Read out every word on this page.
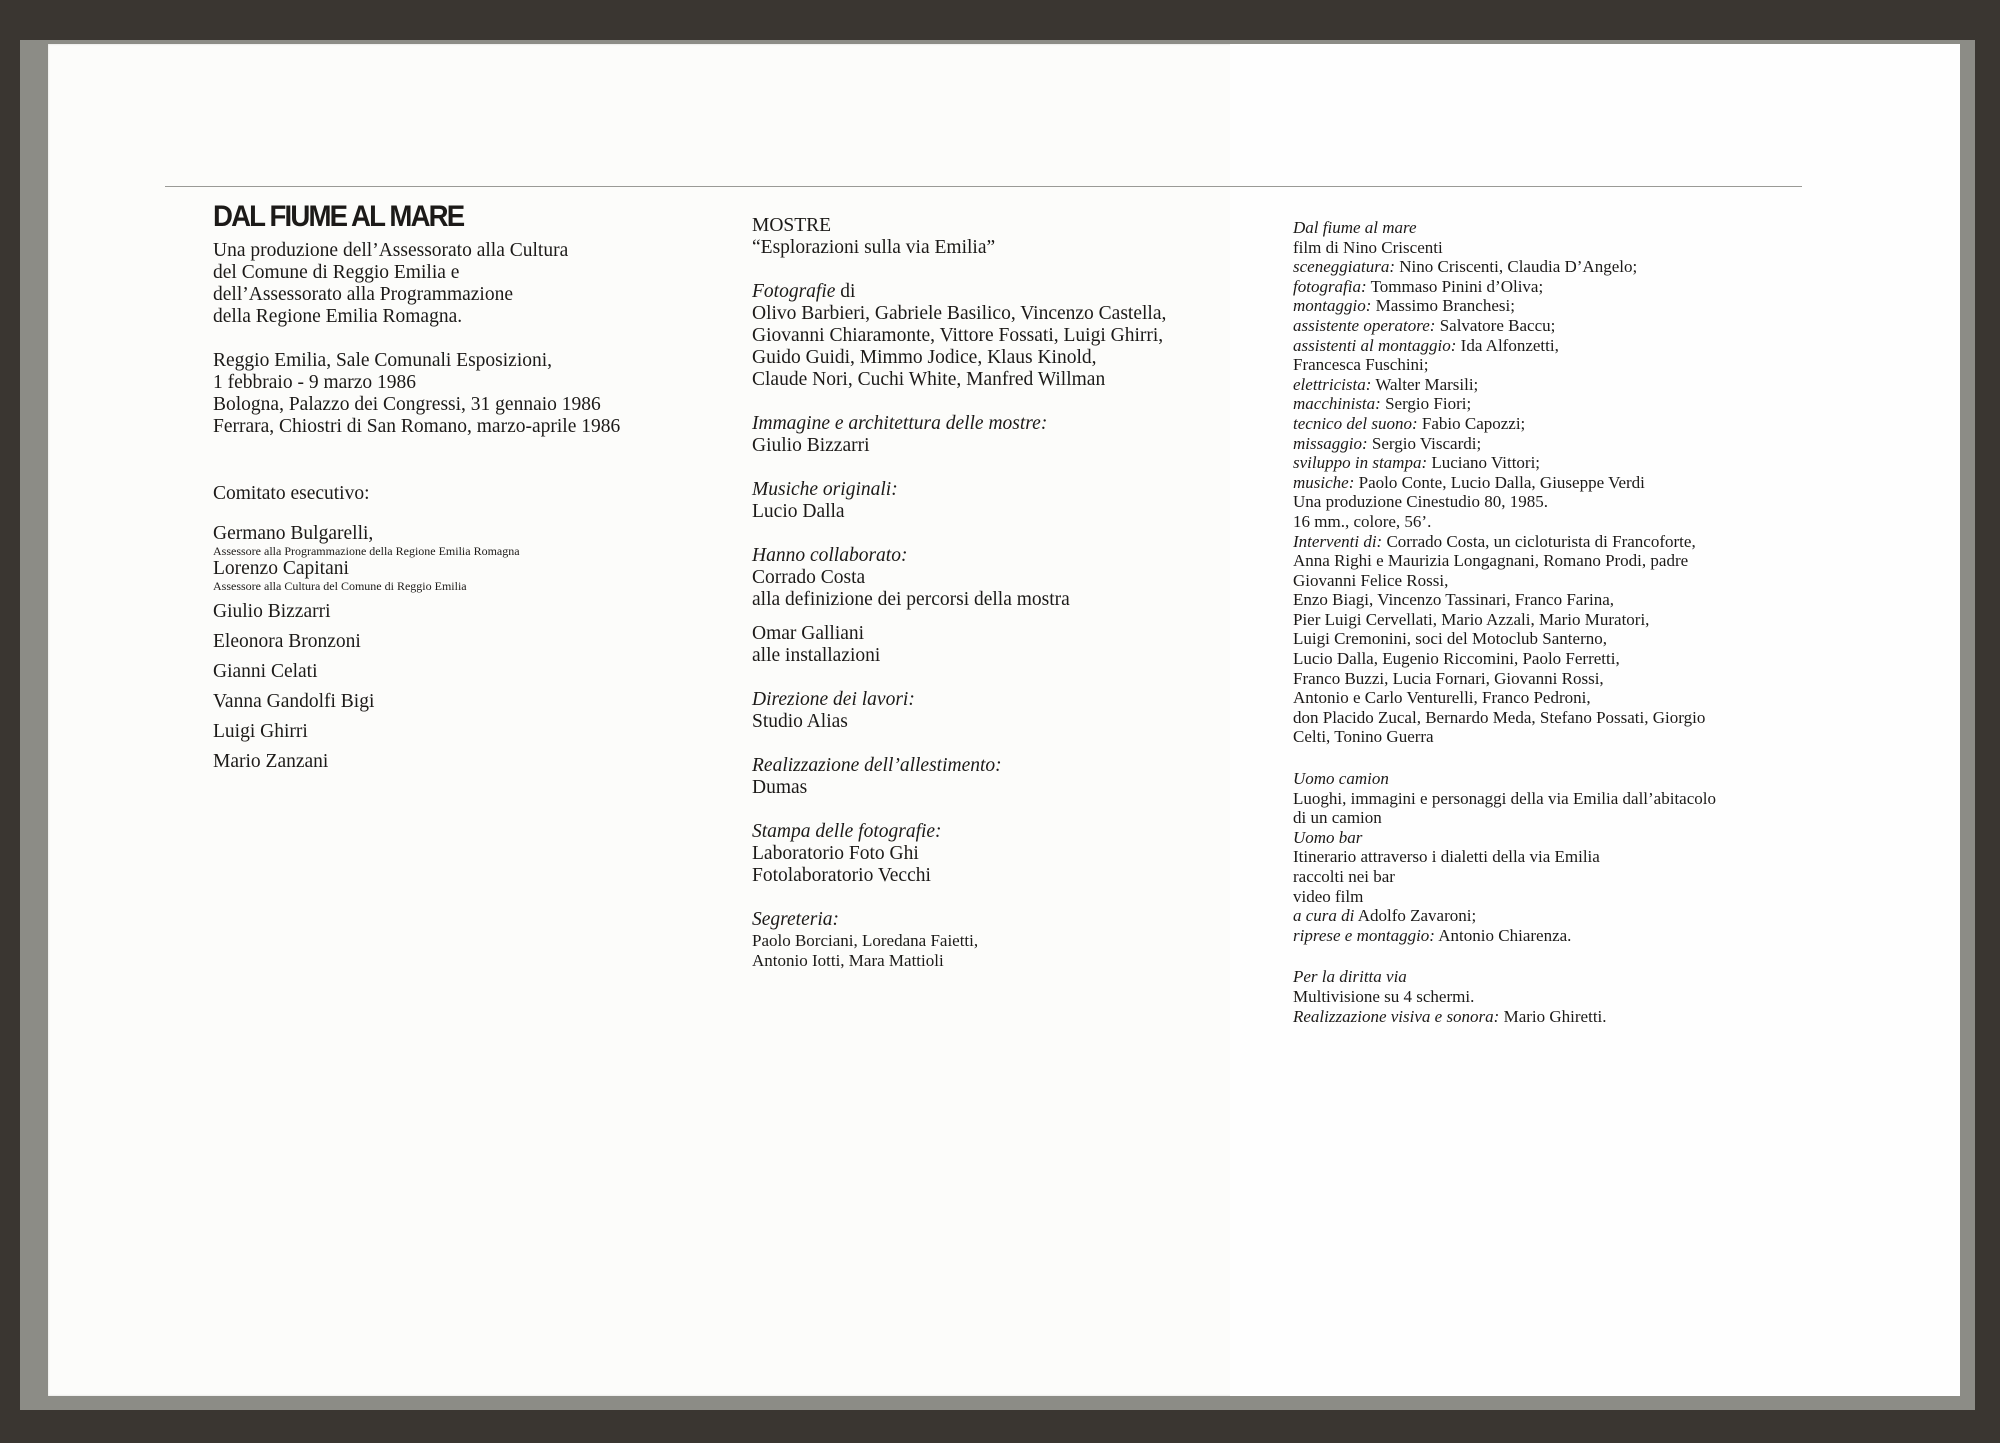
DAL FIUME AL MARE
Una produzione dell’Assessorato alla Cultura
del Comune di Reggio Emilia e
dell’Assessorato alla Programmazione
della Regione Emilia Romagna.
Reggio Emilia, Sale Comunali Esposizioni,
1 febbraio - 9 marzo 1986
Bologna, Palazzo dei Congressi, 31 gennaio 1986
Ferrara, Chiostri di San Romano, marzo-aprile 1986
Comitato esecutivo:
Germano Bulgarelli,
Assessore alla Programmazione della Regione Emilia Romagna
Lorenzo Capitani
Assessore alla Cultura del Comune di Reggio Emilia
Giulio Bizzarri
Eleonora Bronzoni
Gianni Celati
Vanna Gandolfi Bigi
Luigi Ghirri
Mario Zanzani
MOSTRE
“Esplorazioni sulla via Emilia”
Fotografie di
Olivo Barbieri, Gabriele Basilico, Vincenzo Castella,
Giovanni Chiaramonte, Vittore Fossati, Luigi Ghirri,
Guido Guidi, Mimmo Jodice, Klaus Kinold,
Claude Nori, Cuchi White, Manfred Willman
Immagine e architettura delle mostre:
Giulio Bizzarri
Musiche originali:
Lucio Dalla
Hanno collaborato:
Corrado Costa
alla definizione dei percorsi della mostra
Omar Galliani
alle installazioni
Direzione dei lavori:
Studio Alias
Realizzazione dell’allestimento:
Dumas
Stampa delle fotografie:
Laboratorio Foto Ghi
Fotolaboratorio Vecchi
Segreteria:
Paolo Borciani, Loredana Faietti,
Antonio Iotti, Mara Mattioli
Dal fiume al mare
film di Nino Criscenti
sceneggiatura: Nino Criscenti, Claudia D’Angelo;
fotografia: Tommaso Pinini d’Oliva;
montaggio: Massimo Branchesi;
assistente operatore: Salvatore Baccu;
assistenti al montaggio: Ida Alfonzetti,
Francesca Fuschini;
elettricista: Walter Marsili;
macchinista: Sergio Fiori;
tecnico del suono: Fabio Capozzi;
missaggio: Sergio Viscardi;
sviluppo in stampa: Luciano Vittori;
musiche: Paolo Conte, Lucio Dalla, Giuseppe Verdi
Una produzione Cinestudio 80, 1985.
16 mm., colore, 56’.
Interventi di: Corrado Costa, un cicloturista di Francoforte,
Anna Righi e Maurizia Longagnani, Romano Prodi, padre
Giovanni Felice Rossi,
Enzo Biagi, Vincenzo Tassinari, Franco Farina,
Pier Luigi Cervellati, Mario Azzali, Mario Muratori,
Luigi Cremonini, soci del Motoclub Santerno,
Lucio Dalla, Eugenio Riccomini, Paolo Ferretti,
Franco Buzzi, Lucia Fornari, Giovanni Rossi,
Antonio e Carlo Venturelli, Franco Pedroni,
don Placido Zucal, Bernardo Meda, Stefano Possati, Giorgio
Celti, Tonino Guerra
Uomo camion
Luoghi, immagini e personaggi della via Emilia dall’abitacolo
di un camion
Uomo bar
Itinerario attraverso i dialetti della via Emilia
raccolti nei bar
video film
a cura di Adolfo Zavaroni;
riprese e montaggio: Antonio Chiarenza.
Per la diritta via
Multivisione su 4 schermi.
Realizzazione visiva e sonora: Mario Ghiretti.
